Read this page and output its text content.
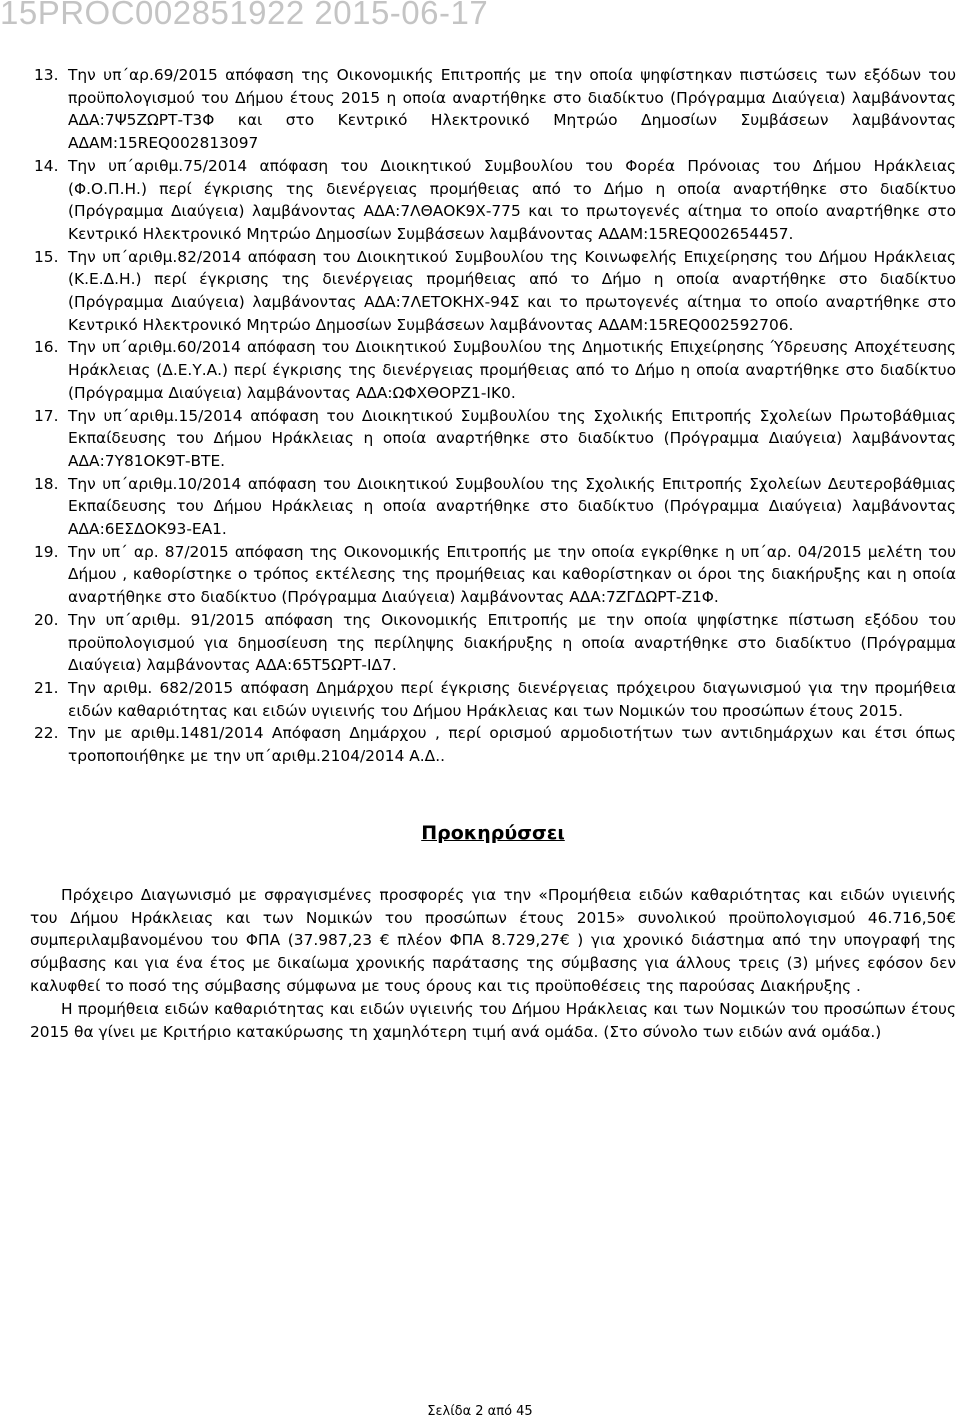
15PROC002851922 2015-06-17
13. Την υπ΄αρ.69/2015 απόφαση της Οικονομικής Επιτροπής με την οποία ψηφίστηκαν πιστώσεις των εξόδων του προϋπολογισμού του Δήμου έτους 2015 η οποία αναρτήθηκε στο διαδίκτυο (Πρόγραμμα Διαύγεια) λαμβάνοντας ΑΔΑ:7Ψ5ΖΩΡΤ-Τ3Φ και στο Κεντρικό Ηλεκτρονικό Μητρώο Δημοσίων Συμβάσεων λαμβάνοντας ΑΔΑΜ:15REQ002813097
14. Την υπ΄αριθμ.75/2014 απόφαση του Διοικητικού Συμβουλίου του Φορέα Πρόνοιας του Δήμου Ηράκλειας (Φ.Ο.Π.Η.) περί έγκρισης της διενέργειας προμήθειας από το Δήμο η οποία αναρτήθηκε στο διαδίκτυο (Πρόγραμμα Διαύγεια) λαμβάνοντας ΑΔΑ:7ΛΘΑΟΚ9Χ-775 και το πρωτογενές αίτημα το οποίο αναρτήθηκε στο Κεντρικό Ηλεκτρονικό Μητρώο Δημοσίων Συμβάσεων λαμβάνοντας ΑΔΑΜ:15REQ002654457.
15. Την υπ΄αριθμ.82/2014 απόφαση του Διοικητικού Συμβουλίου της Κοινωφελής Επιχείρησης του Δήμου Ηράκλειας (Κ.Ε.Δ.Η.) περί έγκρισης της διενέργειας προμήθειας από το Δήμο η οποία αναρτήθηκε στο διαδίκτυο (Πρόγραμμα Διαύγεια) λαμβάνοντας ΑΔΑ:7ΛΕΤΟΚΗΧ-94Σ και το πρωτογενές αίτημα το οποίο αναρτήθηκε στο Κεντρικό Ηλεκτρονικό Μητρώο Δημοσίων Συμβάσεων λαμβάνοντας ΑΔΑΜ:15REQ002592706.
16. Την υπ΄αριθμ.60/2014 απόφαση του Διοικητικού Συμβουλίου της Δημοτικής Επιχείρησης Ύδρευσης Αποχέτευσης Ηράκλειας (Δ.Ε.Υ.Α.) περί έγκρισης της διενέργειας προμήθειας από το Δήμο η οποία αναρτήθηκε στο διαδίκτυο (Πρόγραμμα Διαύγεια) λαμβάνοντας ΑΔΑ:ΩΦΧΘΟΡΖ1-ΙΚ0.
17. Την υπ΄αριθμ.15/2014 απόφαση του Διοικητικού Συμβουλίου της Σχολικής Επιτροπής Σχολείων Πρωτοβάθμιας Εκπαίδευσης του Δήμου Ηράκλειας η οποία αναρτήθηκε στο διαδίκτυο (Πρόγραμμα Διαύγεια) λαμβάνοντας ΑΔΑ:7Υ81ΟΚ9Τ-ΒΤΕ.
18. Την υπ΄αριθμ.10/2014 απόφαση του Διοικητικού Συμβουλίου της Σχολικής Επιτροπής Σχολείων Δευτεροβάθμιας Εκπαίδευσης του Δήμου Ηράκλειας η οποία αναρτήθηκε στο διαδίκτυο (Πρόγραμμα Διαύγεια) λαμβάνοντας ΑΔΑ:6ΕΣΔΟΚ93-ΕΑ1.
19. Την υπ΄ αρ. 87/2015 απόφαση της Οικονομικής Επιτροπής με την οποία εγκρίθηκε η υπ΄αρ. 04/2015 μελέτη του Δήμου , καθορίστηκε ο τρόπος εκτέλεσης της προμήθειας και καθορίστηκαν οι όροι της διακήρυξης και η οποία αναρτήθηκε στο διαδίκτυο (Πρόγραμμα Διαύγεια) λαμβάνοντας ΑΔΑ:7ΖΓΔΩΡΤ-Ζ1Φ.
20. Την υπ΄αριθμ. 91/2015 απόφαση της Οικονομικής Επιτροπής με την οποία ψηφίστηκε πίστωση εξόδου του προϋπολογισμού για δημοσίευση της περίληψης διακήρυξης η οποία αναρτήθηκε στο διαδίκτυο (Πρόγραμμα Διαύγεια) λαμβάνοντας ΑΔΑ:65Τ5ΩΡΤ-ΙΔ7.
21. Την αριθμ. 682/2015 απόφαση Δημάρχου περί έγκρισης διενέργειας πρόχειρου διαγωνισμού για την προμήθεια ειδών καθαριότητας και ειδών υγιεινής του Δήμου Ηράκλειας και των Νομικών του προσώπων έτους 2015.
22. Την με αριθμ.1481/2014 Απόφαση Δημάρχου , περί ορισμού αρμοδιοτήτων των αντιδημάρχων και έτσι όπως τροποποιήθηκε με την υπ΄αριθμ.2104/2014 Α.Δ..
Προκηρύσσει

Πρόχειρο Διαγωνισμό με σφραγισμένες προσφορές για την «Προμήθεια ειδών καθαριότητας και ειδών υγιεινής του Δήμου Ηράκλειας και των Νομικών του προσώπων έτους 2015» συνολικού προϋπολογισμού 46.716,50€ συμπεριλαμβανομένου του ΦΠΑ (37.987,23 € πλέον ΦΠΑ 8.729,27€ ) για χρονικό διάστημα από την υπογραφή της σύμβασης και για ένα έτος με δικαίωμα χρονικής παράτασης της σύμβασης για άλλους τρεις (3) μήνες εφόσον δεν καλυφθεί το ποσό της σύμβασης σύμφωνα με τους όρους και τις προϋποθέσεις της παρούσας Διακήρυξης .

Η προμήθεια ειδών καθαριότητας και ειδών υγιεινής του Δήμου Ηράκλειας και των Νομικών του προσώπων έτους 2015 θα γίνει με Κριτήριο κατακύρωσης τη χαμηλότερη τιμή ανά ομάδα. (Στο σύνολο των ειδών ανά ομάδα.)

Σελίδα 2 από 45
